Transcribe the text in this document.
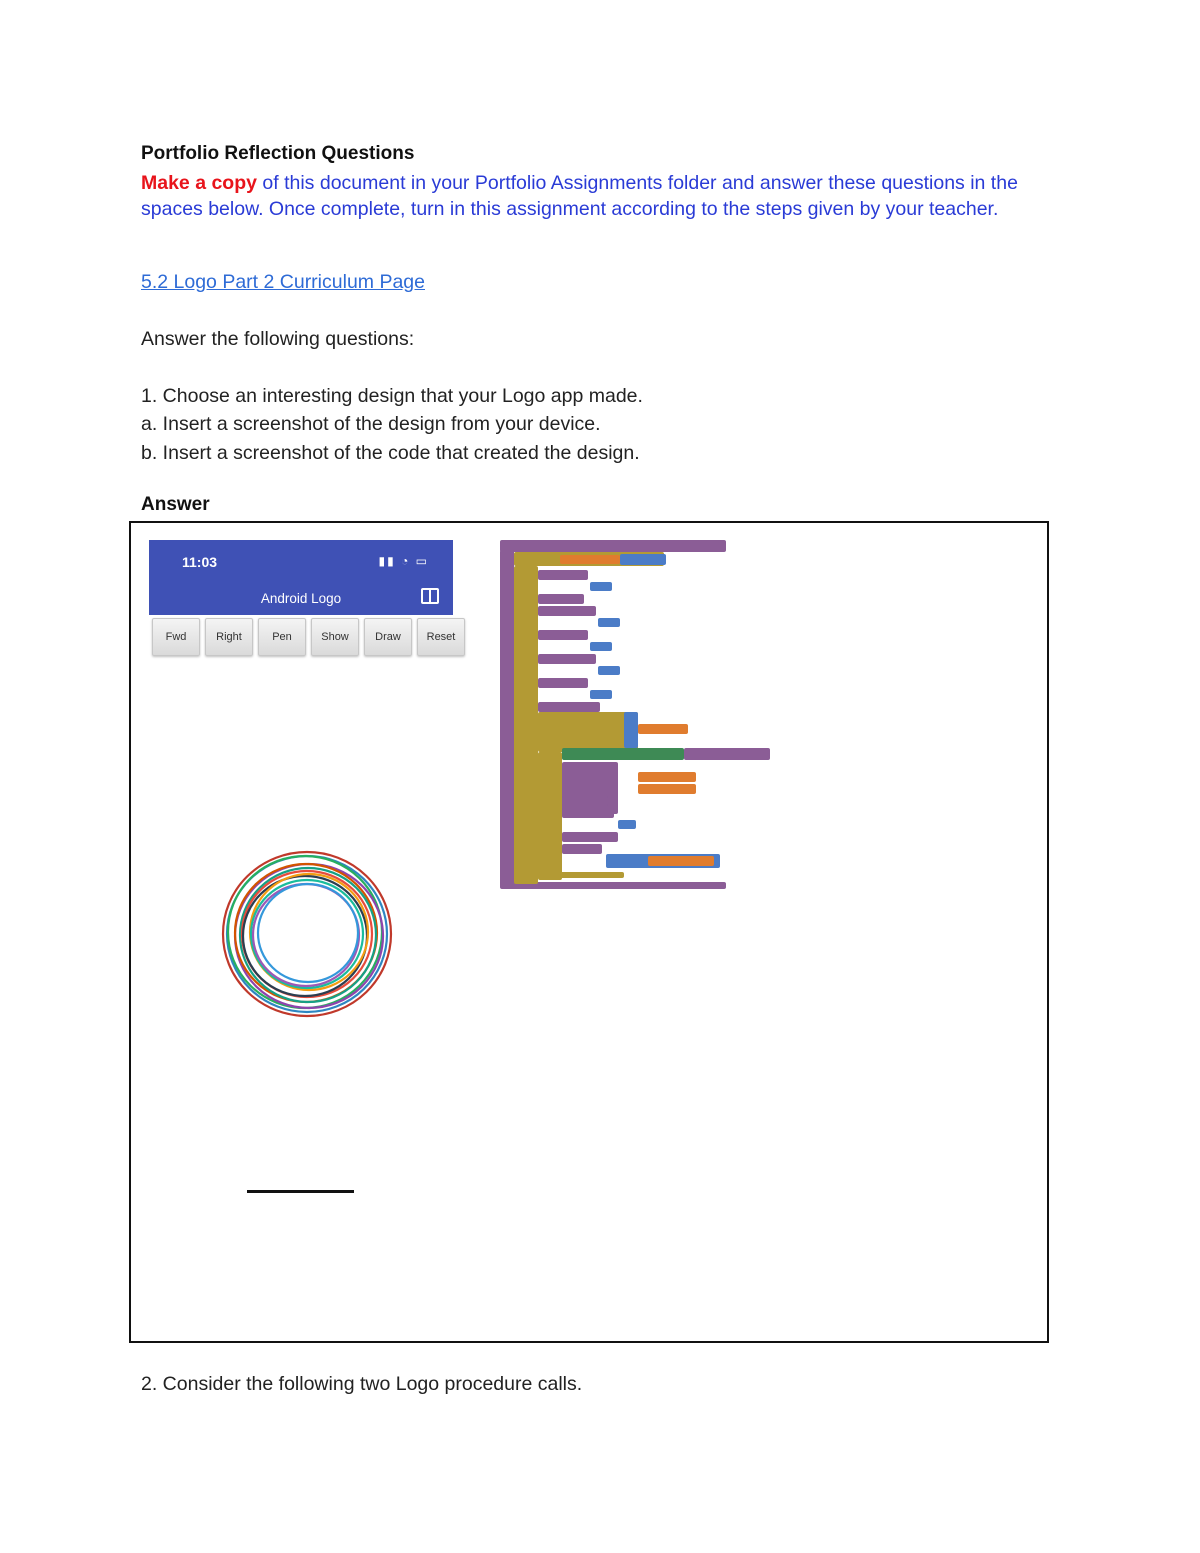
Portfolio Reflection Questions
Make a copy of this document in your Portfolio Assignments folder and answer these questions in the spaces below. Once complete, turn in this assignment according to the steps given by your teacher.
5.2 Logo Part 2 Curriculum Page
Answer the following questions:
1. Choose an interesting design that your Logo app made.
a. Insert a screenshot of the design from your device.
b. Insert a screenshot of the code that created the design.
Answer
11:03	▮▮ ◔ ▭
Android Logo
Fwd	Right	Pen	Show	Draw	Reset
2. Consider the following two Logo procedure calls.
